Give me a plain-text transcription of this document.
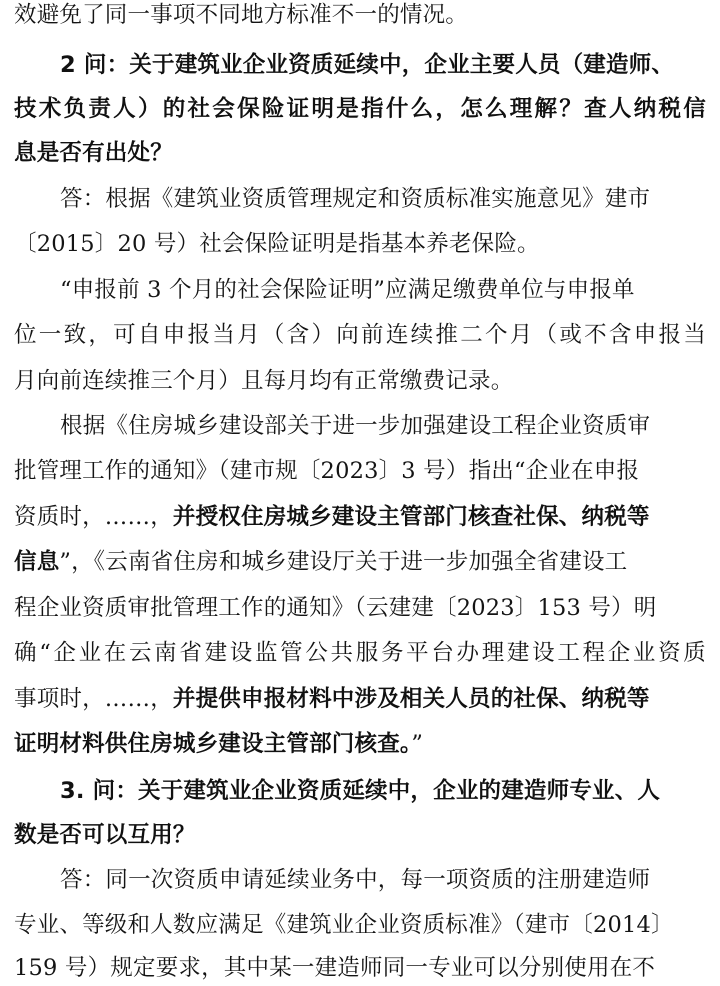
效避免了同一事项不同地方标准不一的情况。
2 问：关于建筑业企业资质延续中，企业主要人员（建造师、
技术负责人）的社会保险证明是指什么，怎么理解？查人纳税信
息是否有出处？
答：根据《建筑业资质管理规定和资质标准实施意见》建市
〔2015〕20 号）社会保险证明是指基本养老保险。
“申报前 3 个月的社会保险证明”应满足缴费单位与申报单
位一致，可自申报当月（含）向前连续推二个月（或不含申报当
月向前连续推三个月）且每月均有正常缴费记录。
根据《住房城乡建设部关于进一步加强建设工程企业资质审
批管理工作的通知》（建市规〔2023〕3 号）指出“企业在申报
资质时，……，并授权住房城乡建设主管部门核查社保、纳税等
信息”，《云南省住房和城乡建设厅关于进一步加强全省建设工
程企业资质审批管理工作的通知》（云建建〔2023〕153 号）明
确“企业在云南省建设监管公共服务平台办理建设工程企业资质
事项时，……，并提供申报材料中涉及相关人员的社保、纳税等
证明材料供住房城乡建设主管部门核查。”
3. 问：关于建筑业企业资质延续中，企业的建造师专业、人
数是否可以互用？
答：同一次资质申请延续业务中，每一项资质的注册建造师
专业、等级和人数应满足《建筑业企业资质标准》（建市〔2014〕
159 号）规定要求，其中某一建造师同一专业可以分别使用在不
